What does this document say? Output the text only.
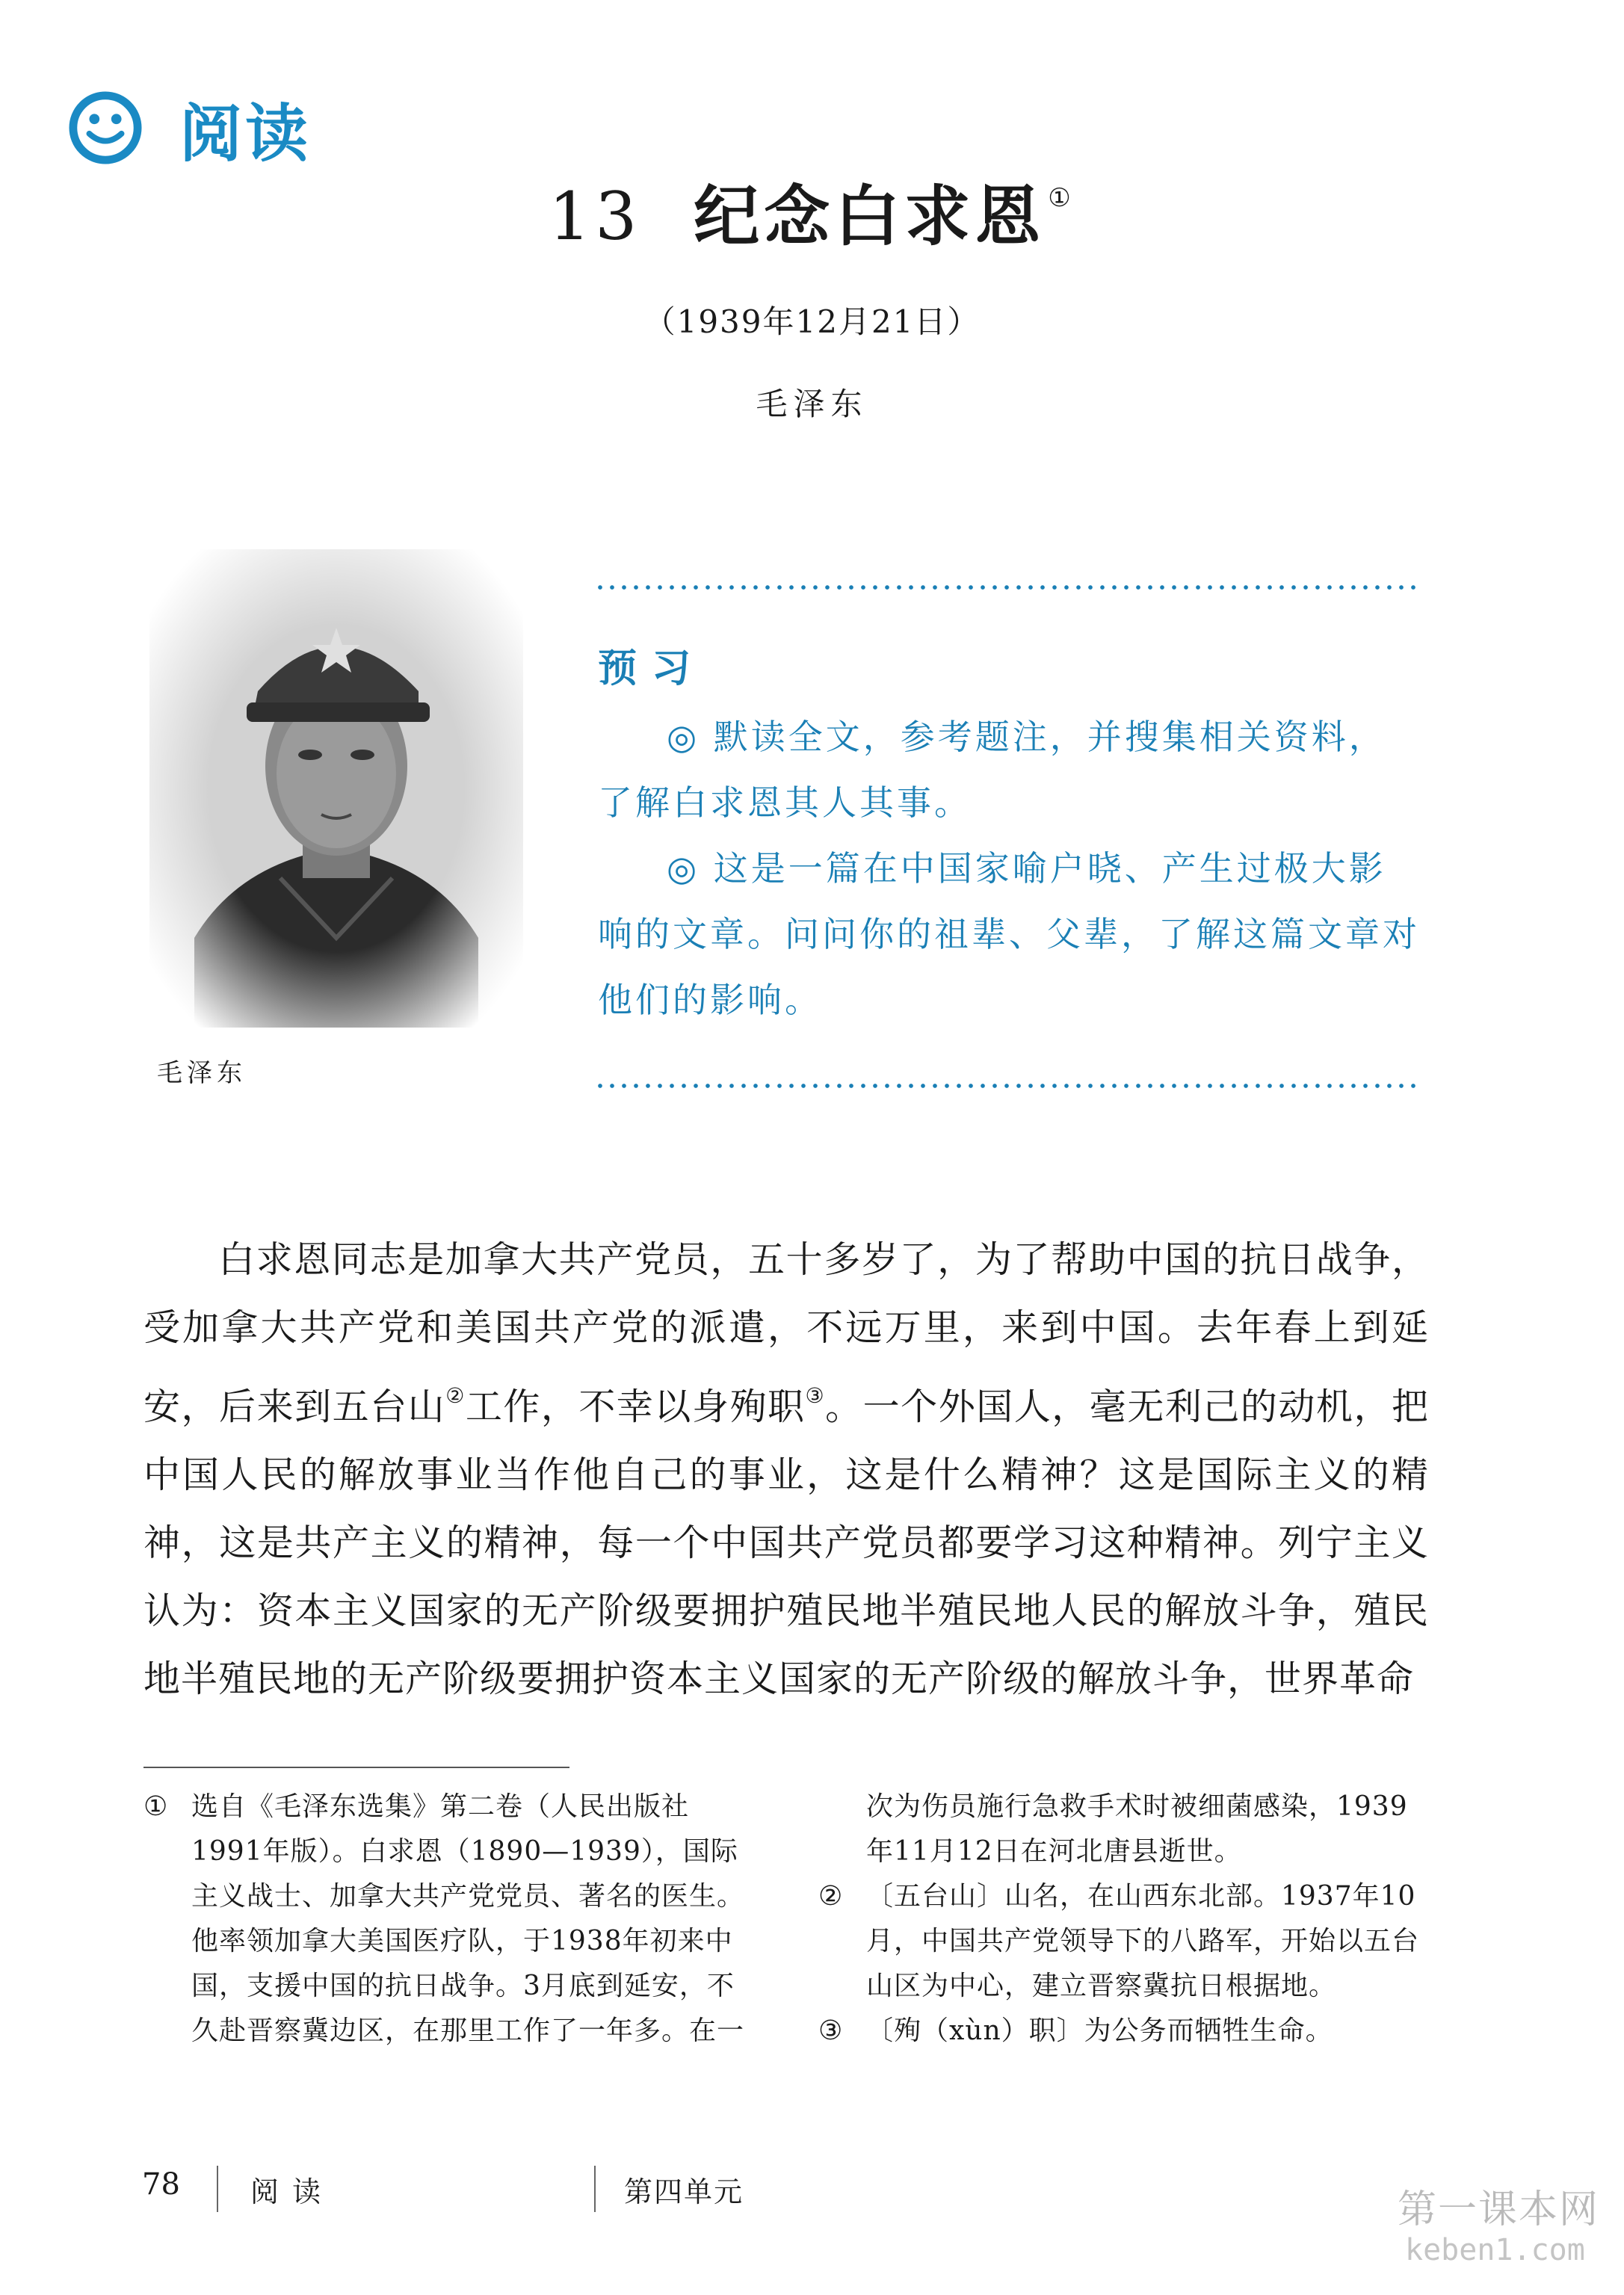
阅读
13 纪念白求恩 ①
（1939年12月21日）
毛泽东
毛泽东
预习

◎ 默读全文，参考题注，并搜集相关资料，了解白求恩其人其事。

◎ 这是一篇在中国家喻户晓、产生过极大影响的文章。问问你的祖辈、父辈，了解这篇文章对他们的影响。

白求恩同志是加拿大共产党员，五十多岁了，为了帮助中国的抗日战争，受加拿大共产党和美国共产党的派遣，不远万里，来到中国。去年春上到延安，后来到五台山②工作，不幸以身殉职③。一个外国人，毫无利己的动机，把中国人民的解放事业当作他自己的事业，这是什么精神？这是国际主义的精神，这是共产主义的精神，每一个中国共产党员都要学习这种精神。列宁主义认为：资本主义国家的无产阶级要拥护殖民地半殖民地人民的解放斗争，殖民地半殖民地的无产阶级要拥护资本主义国家的无产阶级的解放斗争，世界革命

① 选自《毛泽东选集》第二卷（人民出版社1991年版）。白求恩（1890—1939），国际主义战士、加拿大共产党党员、著名的医生。他率领加拿大美国医疗队，于1938年初来中国，支援中国的抗日战争。3月底到延安，不久赴晋察冀边区，在那里工作了一年多。在一
次为伤员施行急救手术时被细菌感染，1939年11月12日在河北唐县逝世。
② 〔五台山〕山名，在山西东北部。1937年10月，中国共产党领导下的八路军，开始以五台山区为中心，建立晋察冀抗日根据地。
③ 〔殉（xùn）职〕为公务而牺牲生命。
78 阅读	第四单元	第一课本网
keben1.com
